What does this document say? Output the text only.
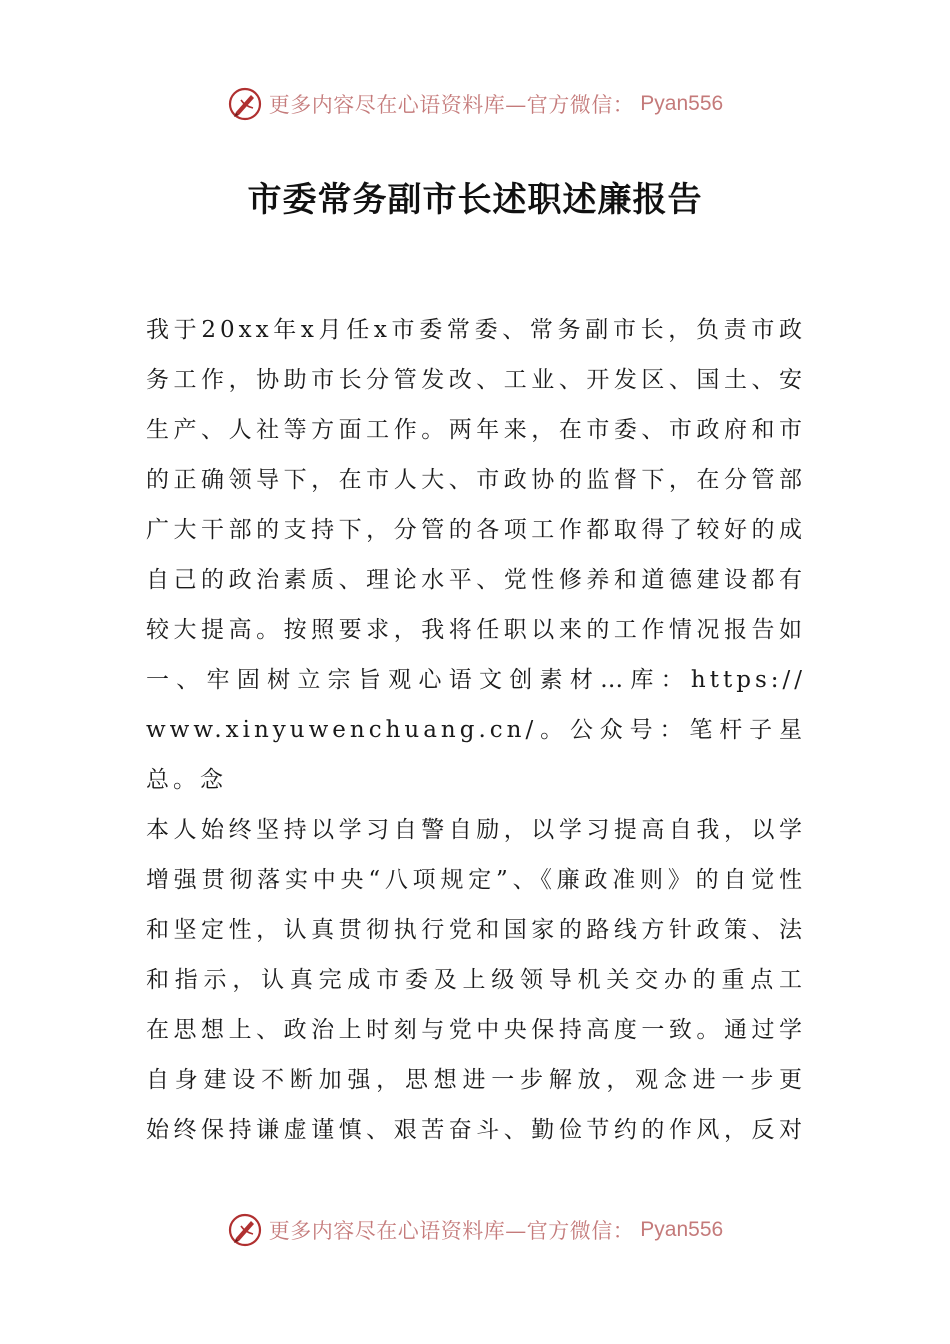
更多内容尽在心语资料库—官方微信： Pyan556
市委常务副市长述职述廉报告
我于20xx年x月任x市委常委、常务副市长，负责市政
务工作，协助市长分管发改、工业、开发区、国土、安
生产、人社等方面工作。两年来，在市委、市政府和市
的正确领导下，在市人大、市政协的监督下，在分管部
广大干部的支持下，分管的各项工作都取得了较好的成
自己的政治素质、理论水平、党性修养和道德建设都有
较大提高。按照要求，我将任职以来的工作情况报告如
一、牢固树立宗旨观心语文创素材…库：https://
www.xinyuwenchuang.cn/。公众号：笔杆子星
总。念
本人始终坚持以学习自警自励，以学习提高自我，以学
增强贯彻落实中央“八项规定”、《廉政准则》的自觉性
和坚定性，认真贯彻执行党和国家的路线方针政策、法
和指示，认真完成市委及上级领导机关交办的重点工
在思想上、政治上时刻与党中央保持高度一致。通过学
自身建设不断加强，思想进一步解放，观念进一步更
始终保持谦虚谨慎、艰苦奋斗、勤俭节约的作风，反对
更多内容尽在心语资料库—官方微信： Pyan556
